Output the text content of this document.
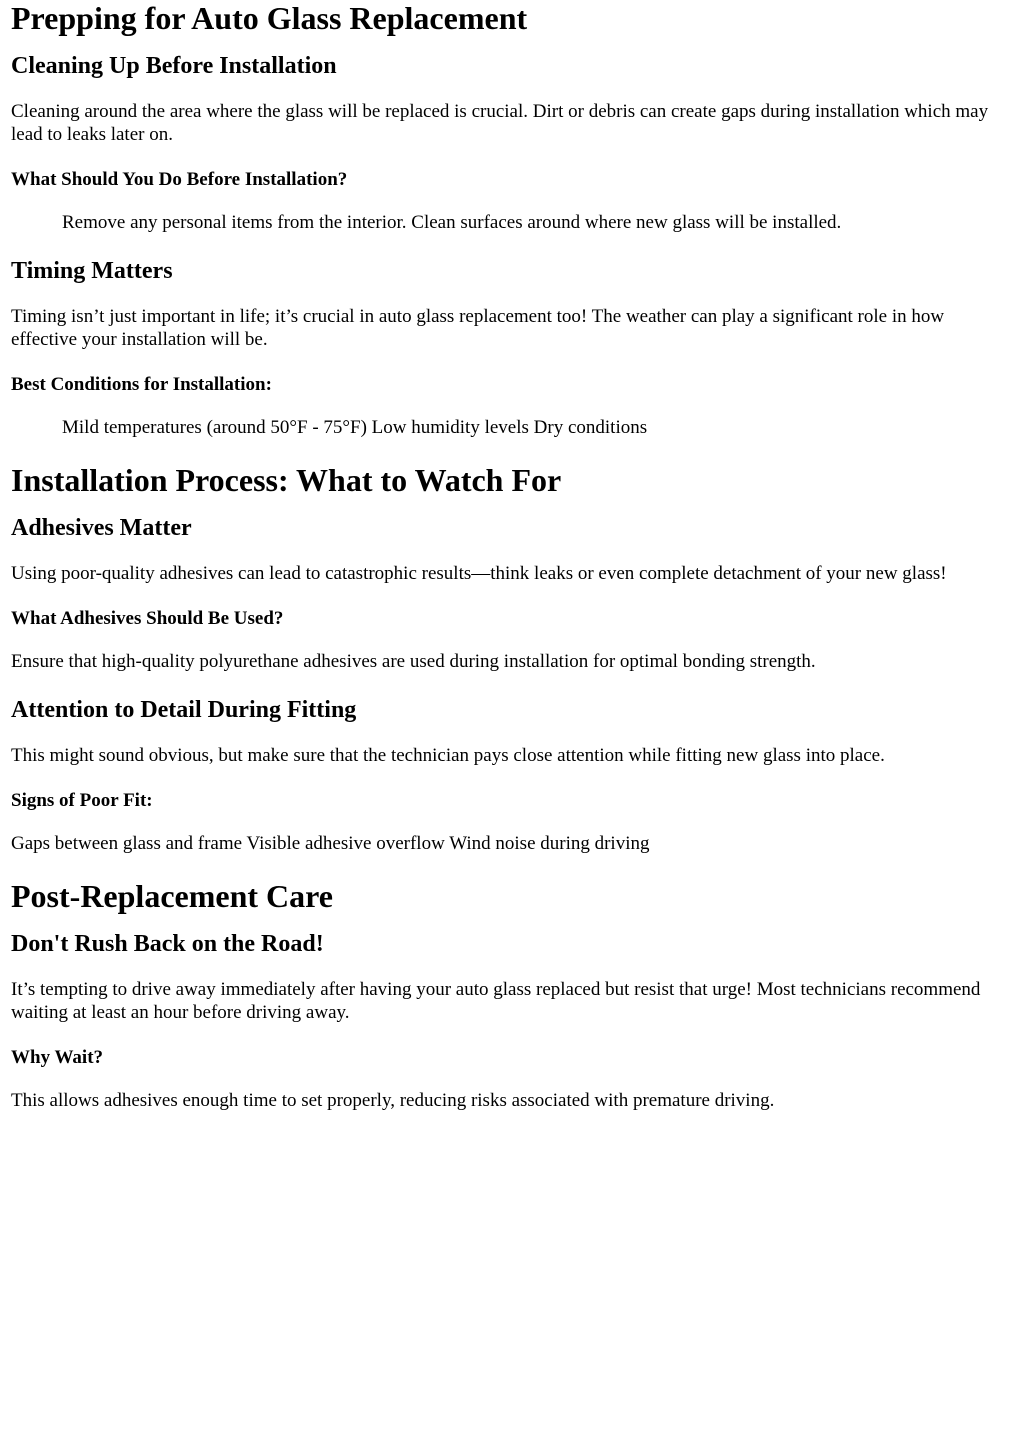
Prepping for Auto Glass Replacement
Cleaning Up Before Installation

Cleaning around the area where the glass will be replaced is crucial. Dirt or debris can create gaps during installation which may lead to leaks later on.

What Should You Do Before Installation?

Remove any personal items from the interior. Clean surfaces around where new glass will be installed.

Timing Matters

Timing isn’t just important in life; it’s crucial in auto glass replacement too! The weather can play a significant role in how effective your installation will be.

Best Conditions for Installation:

Mild temperatures (around 50°F - 75°F) Low humidity levels Dry conditions

Installation Process: What to Watch For
Adhesives Matter

Using poor-quality adhesives can lead to catastrophic results—think leaks or even complete detachment of your new glass!

What Adhesives Should Be Used?

Ensure that high-quality polyurethane adhesives are used during installation for optimal bonding strength.

Attention to Detail During Fitting

This might sound obvious, but make sure that the technician pays close attention while fitting new glass into place.

Signs of Poor Fit:

Gaps between glass and frame Visible adhesive overflow Wind noise during driving

Post-Replacement Care
Don't Rush Back on the Road!

It’s tempting to drive away immediately after having your auto glass replaced but resist that urge! Most technicians recommend waiting at least an hour before driving away.

Why Wait?

This allows adhesives enough time to set properly, reducing risks associated with premature driving.
